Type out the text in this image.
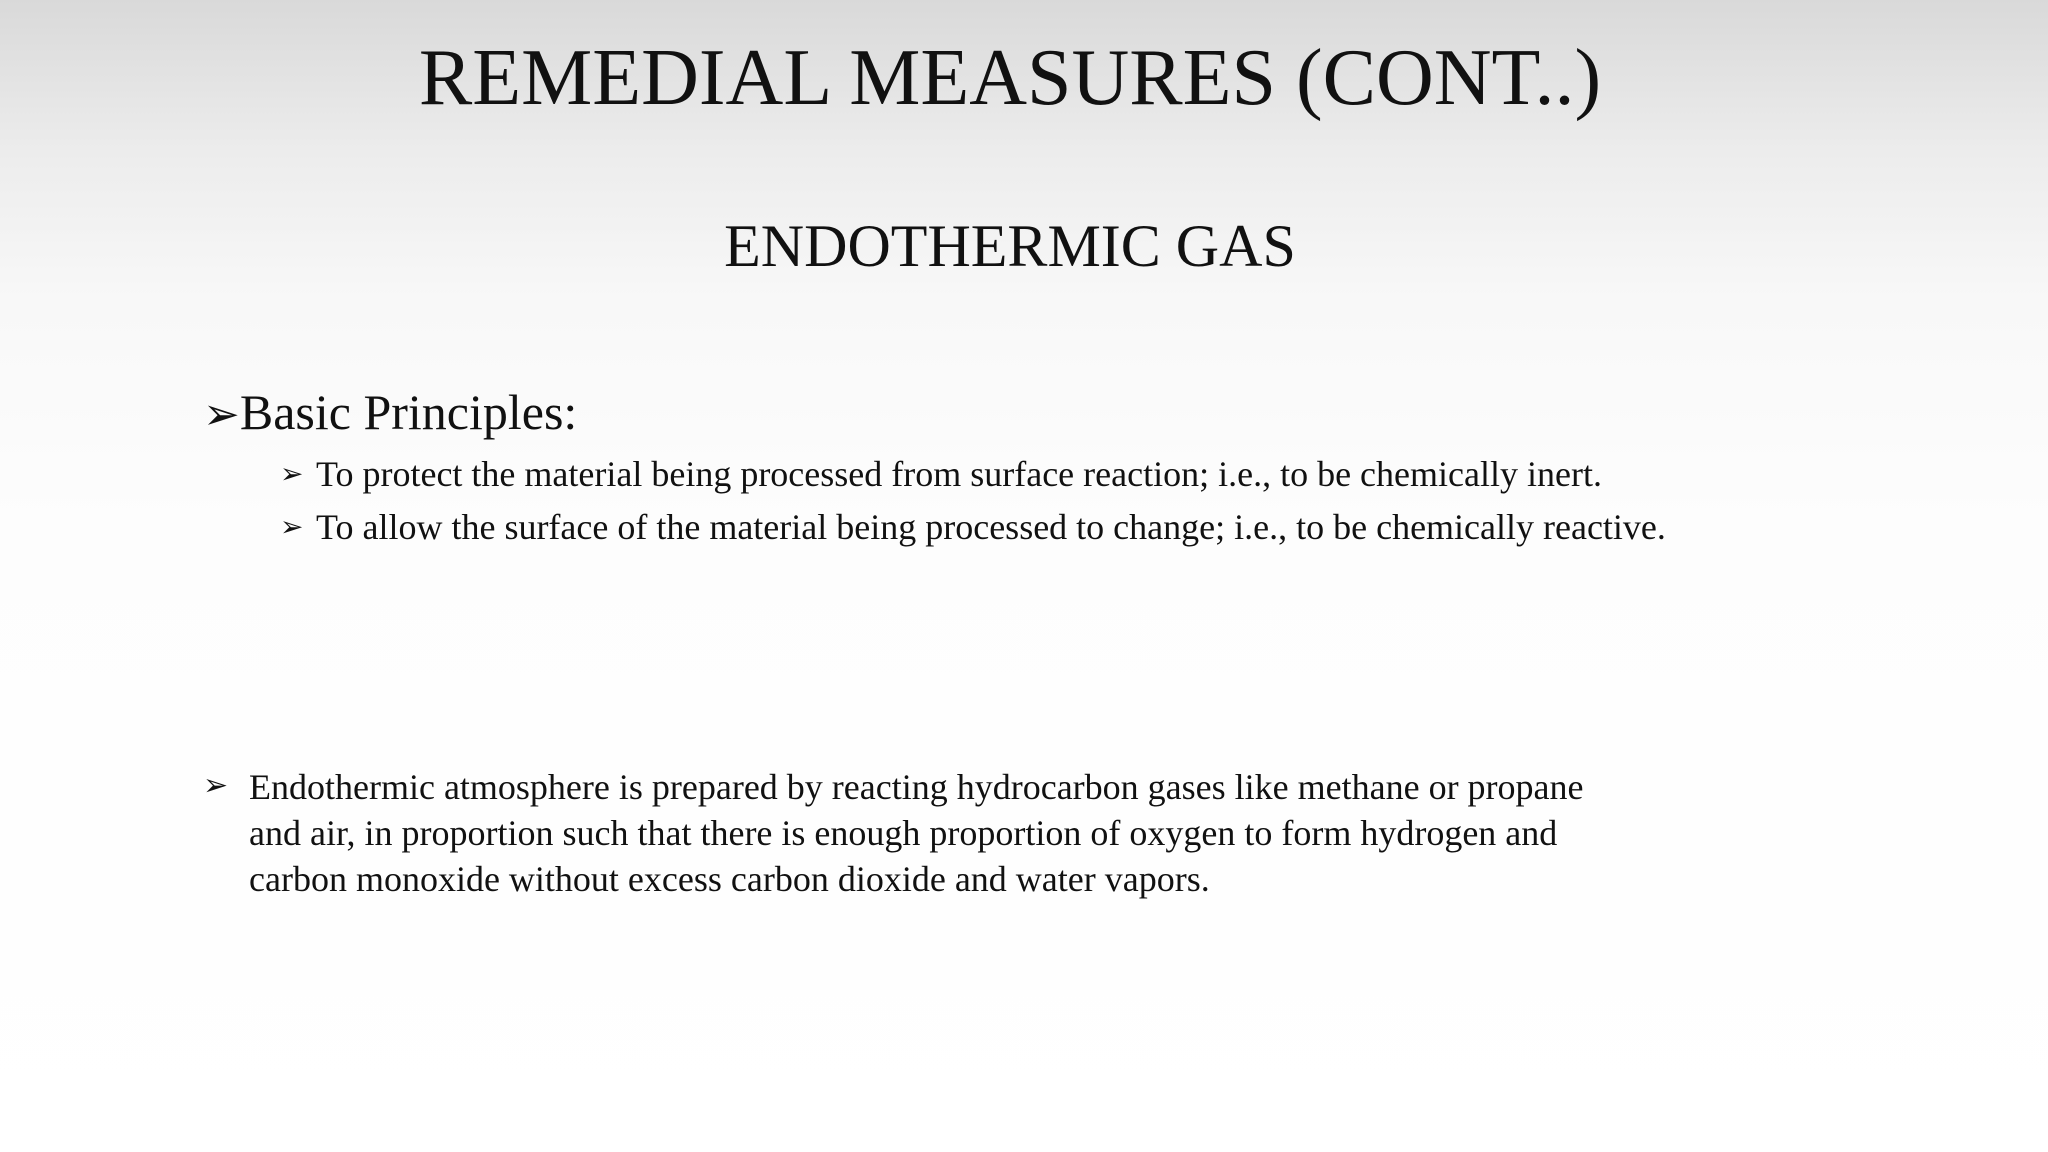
REMEDIAL MEASURES (CONT..)
ENDOTHERMIC GAS
➢Basic Principles:
➢ To protect the material being processed from surface reaction; i.e., to be chemically inert.
➢ To allow the surface of the material being processed to change; i.e., to be chemically reactive.
➢ Endothermic atmosphere is prepared by reacting hydrocarbon gases like methane or propane
and air, in proportion such that there is enough proportion of oxygen to form hydrogen and
carbon monoxide without excess carbon dioxide and water vapors.
